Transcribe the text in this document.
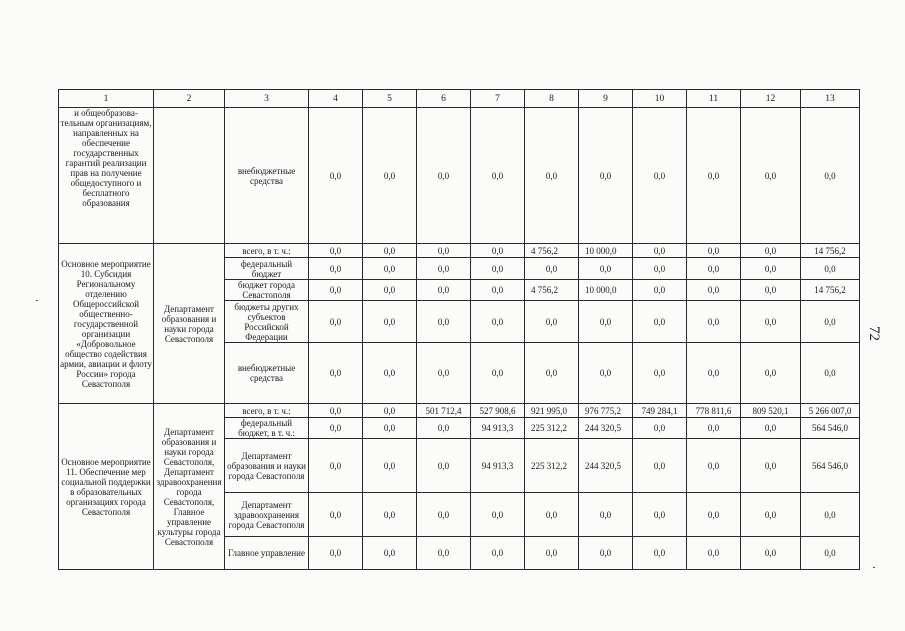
1	2	3	4	5	6	7	8	9	10	11	12	13
и общеобразова-тельным организациям, направленных на обеспечение государственных гарантий реализации прав на получение общедоступного и бесплатного образования		внебюджетные средства	0,0	0,0	0,0	0,0	0,0	0,0	0,0	0,0	0,0	0,0
Основное мероприятие 10. Субсидия Региональному отделению Общероссийской общественно-государственной организации «Добровольное общество содействия армии, авиации и флоту России» города Севастополя	Департамент образования и науки города Севастополя	всего, в т. ч.:	0,0	0,0	0,0	0,0	4 756,2	10 000,0	0,0	0,0	0,0	14 756,2
		федеральный бюджет	0,0	0,0	0,0	0,0	0,0	0,0	0,0	0,0	0,0	0,0
		бюджет города Севастополя	0,0	0,0	0,0	0,0	4 756,2	10 000,0	0,0	0,0	0,0	14 756,2
		бюджеты других субъектов Российской Федерации	0,0	0,0	0,0	0,0	0,0	0,0	0,0	0,0	0,0	0,0
		внебюджетные средства	0,0	0,0	0,0	0,0	0,0	0,0	0,0	0,0	0,0	0,0
Основное мероприятие 11. Обеспечение мер социальной поддержки в образовательных организациях города Севастополя	Департамент образования и науки города Севастополя, Департамент здравоохранения города Севастополя, Главное управление культуры города Севастополя	всего, в т. ч.:	0,0	0,0	501 712,4	527 908,6	921 995,0	976 775,2	749 284,1	778 811,6	809 520,1	5 266 007,0
		федеральный бюджет, в т. ч.:	0,0	0,0	0,0	94 913,3	225 312,2	244 320,5	0,0	0,0	0,0	564 546,0
		Департамент образования и науки города Севастополя	0,0	0,0	0,0	94 913,3	225 312,2	244 320,5	0,0	0,0	0,0	564 546,0
		Департамент здравоохранения города Севастополя	0,0	0,0	0,0	0,0	0,0	0,0	0,0	0,0	0,0	0,0
		Главное управление	0,0	0,0	0,0	0,0	0,0	0,0	0,0	0,0	0,0	0,0
72
